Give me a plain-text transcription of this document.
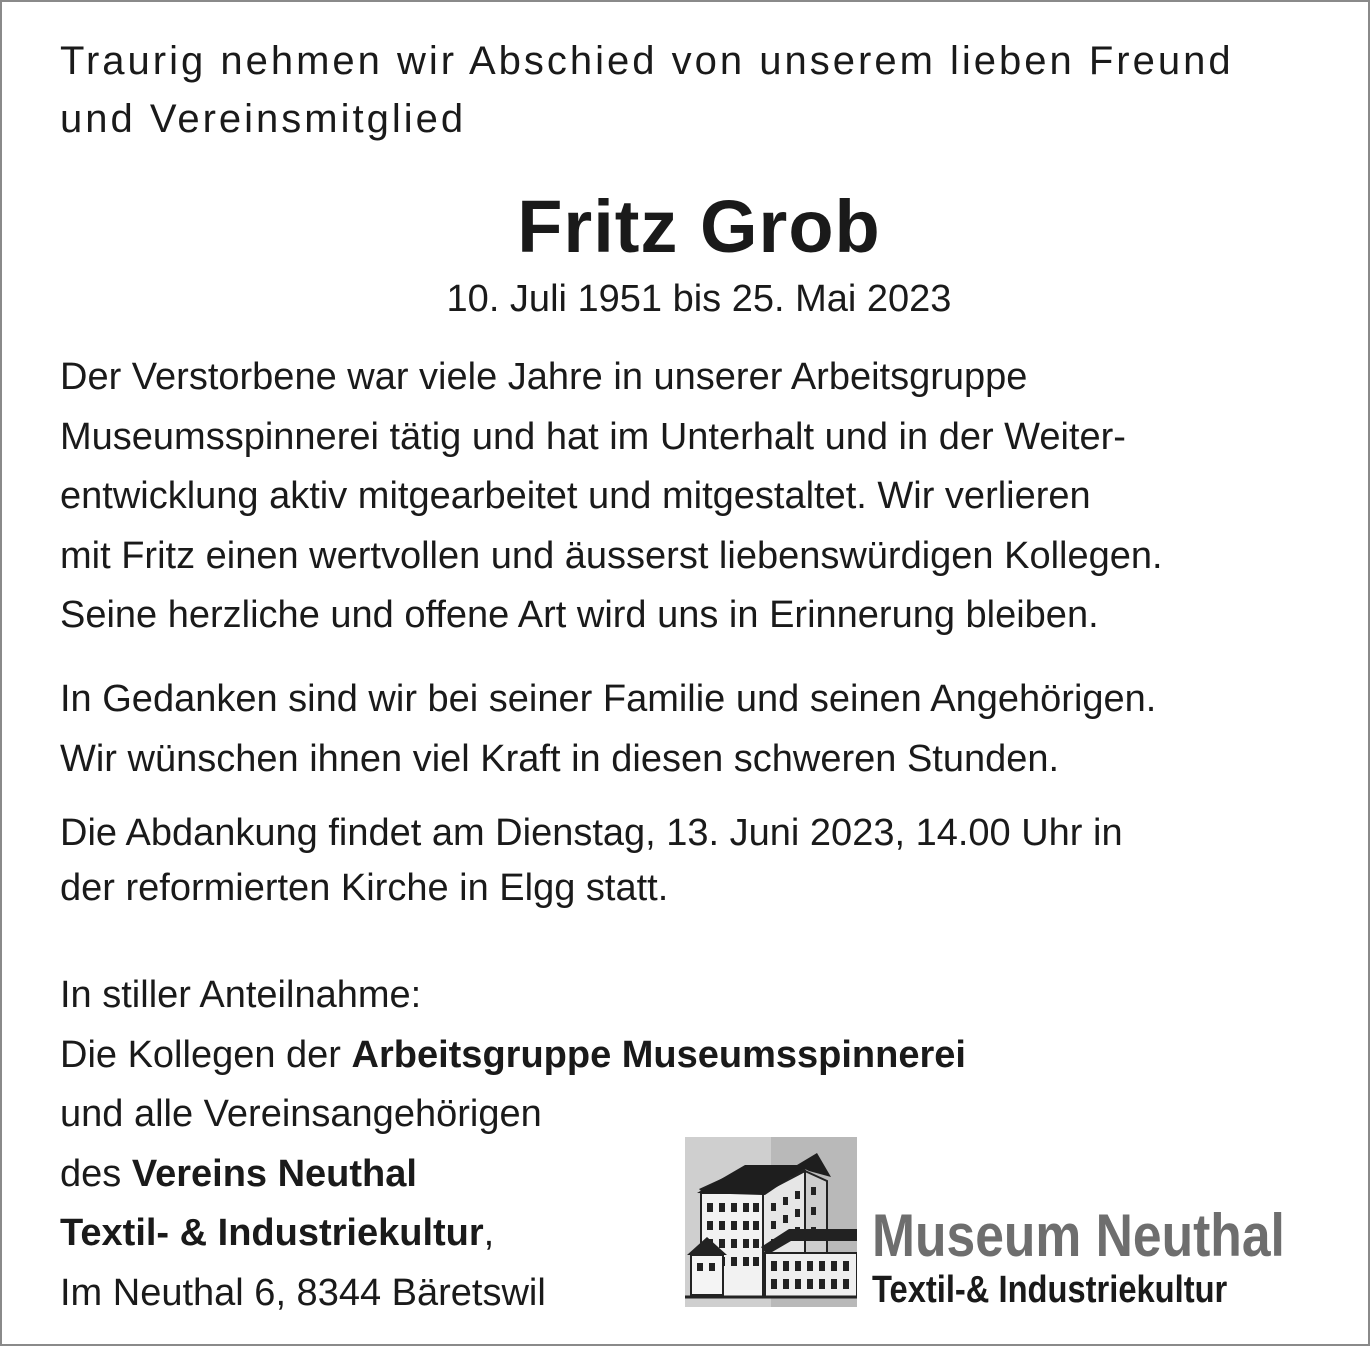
Traurig nehmen wir Abschied von unserem lieben Freund
und Vereinsmitglied

Fritz Grob

10. Juli 1951 bis 25. Mai 2023

Der Verstorbene war viele Jahre in unserer Arbeitsgruppe
Museumsspinnerei tätig und hat im Unterhalt und in der Weiter-
entwicklung aktiv mitgearbeitet und mitgestaltet. Wir verlieren
mit Fritz einen wertvollen und äusserst liebenswürdigen Kollegen.
Seine herzliche und offene Art wird uns in Erinnerung bleiben.

In Gedanken sind wir bei seiner Familie und seinen Angehörigen.
Wir wünschen ihnen viel Kraft in diesen schweren Stunden.

Die Abdankung findet am Dienstag, 13. Juni 2023, 14.00 Uhr in
der reformierten Kirche in Elgg statt.

In stiller Anteilnahme:
Die Kollegen der Arbeitsgruppe Museumsspinnerei
und alle Vereinsangehörigen
des Vereins Neuthal
Textil- & Industriekultur,
Im Neuthal 6, 8344 Bäretswil

Museum Neuthal
Textil-& Industriekultur
